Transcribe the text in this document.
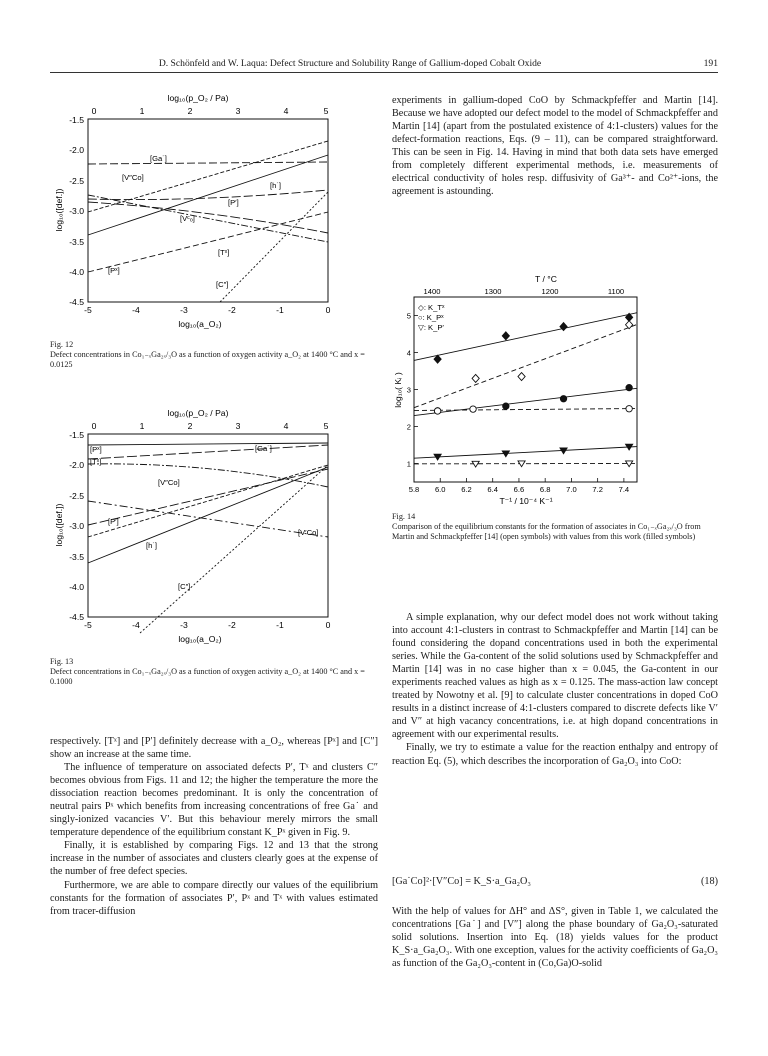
D. Schönfeld and W. Laqua: Defect Structure and Solubility Range of Gallium-doped Cobalt Oxide	191
log₁₀(p_O₂ / Pa)
0	1	2	3	4	5
-1.5
-2.0
-2.5
-3.0
-3.5
-4.0
-4.5
log₁₀([def.])
-5	-4	-3	-2	-1	0
log₁₀(a_O₂)
[Ga˙]
[V″Co]
[h˙]
[P′]
[Vᶜₒ]
[Tˣ]
[C″]
[Pˣ]
Fig. 12
Defect concentrations in Co₁₋ₓGa₂ₓ/₃O as a function of oxygen activity a_O₂ at 1400 °C and x = 0.0125
log₁₀(p_O₂ / Pa)
0	1	2	3	4	5
-1.5
-2.0
-2.5
-3.0
-3.5
-4.0
-4.5
log₁₀([def.])
-5	-4	-3	-2	-1	0
log₁₀(a_O₂)
[Pˣ]
[Tˣ]
[Ga˙]
[V″Co]
[P′]
[h˙]
[V′Co]
[C″]
Fig. 13
Defect concentrations in Co₁₋ₓGa₂ₓ/₃O as a function of oxygen activity a_O₂ at 1400 °C and x = 0.1000

respectively. [Tˣ] and [P′] definitely decrease with a_O₂, whereas [Pˣ] and [C″] show an increase at the same time.

The influence of temperature on associated defects P′, Tˣ and clusters C″ becomes obvious from Figs. 11 and 12; the higher the temperature the more the dissociation reaction becomes predominant. It is only the concentration of neutral pairs Pˣ which benefits from increasing concentrations of free Ga˙ and singly-ionized vacancies V′. But this behaviour merely mirrors the small temperature dependence of the equilibrium constant K_Pˣ given in Fig. 9.

Finally, it is established by comparing Figs. 12 and 13 that the strong increase in the number of associates and clusters clearly goes at the expense of the number of free defect species.

Furthermore, we are able to compare directly our values of the equilibrium constants for the formation of associates P′, Pˣ and Tˣ with values estimated from tracer-diffusion

experiments in gallium-doped CoO by Schmackpfeffer and Martin [14]. Because we have adopted our defect model to the model of Schmackpfeffer and Martin [14] (apart from the postulated existence of 4:1-clusters) values for the defect-formation reactions, Eqs. (9 – 11), can be compared straightforward. This can be seen in Fig. 14. Having in mind that both data sets have emerged from completely different experimental methods, i.e. measurements of electrical conductivity of holes resp. diffusivity of Ga³⁺- and Co²⁺-ions, the agreement is astounding.

T / °C
1400	1300	1200	1100
log₁₀( Kᵢ )
◇: K_Tˣ
○: K_Pˣ
▽: K_P′
5.8 6.0 6.2 6.4 6.6 6.8 7.0 7.2 7.4
1
2
3
4
5
T⁻¹ / 10⁻⁴ K⁻¹
Fig. 14
Comparison of the equilibrium constants for the formation of associates in Co₁₋ₓGa₂ₓ/₃O from Martin and Schmackpfeffer [14] (open symbols) with values from this work (filled symbols)

A simple explanation, why our defect model does not work without taking into account 4:1-clusters in contrast to Schmackpfeffer and Martin [14] can be found considering the dopand concentrations used in both the experimental series. While the Ga-content of the solid solutions used by Schmackpfeffer and Martin [14] was in no case higher than x = 0.045, the Ga-content in our experiments reached values as high as x = 0.125. The mass-action law concept treated by Nowotny et al. [9] to calculate cluster concentrations in doped CoO results in a distinct increase of 4:1-clusters compared to discrete defects like V′ and V″ at high vacancy concentrations, i.e. at high dopand concentrations in agreement with our experimental results.

Finally, we try to estimate a value for the reaction enthalpy and entropy of reaction Eq. (5), which describes the incorporation of Ga₂O₃ into CoO:

[Ga˙Co]²·[V″Co] = K_S·a_Ga₂O₃	(18)

With the help of values for ΔH° and ΔS°, given in Table 1, we calculated the concentrations [Ga˙] and [V″] along the phase boundary of Ga₂O₃-saturated solid solutions. Insertion into Eq. (18) yields values for the product K_S·a_Ga₂O₃. With one exception, values for the activity coefficients of Ga₂O₃ as function of the Ga₂O₃-content in (Co,Ga)O-solid
